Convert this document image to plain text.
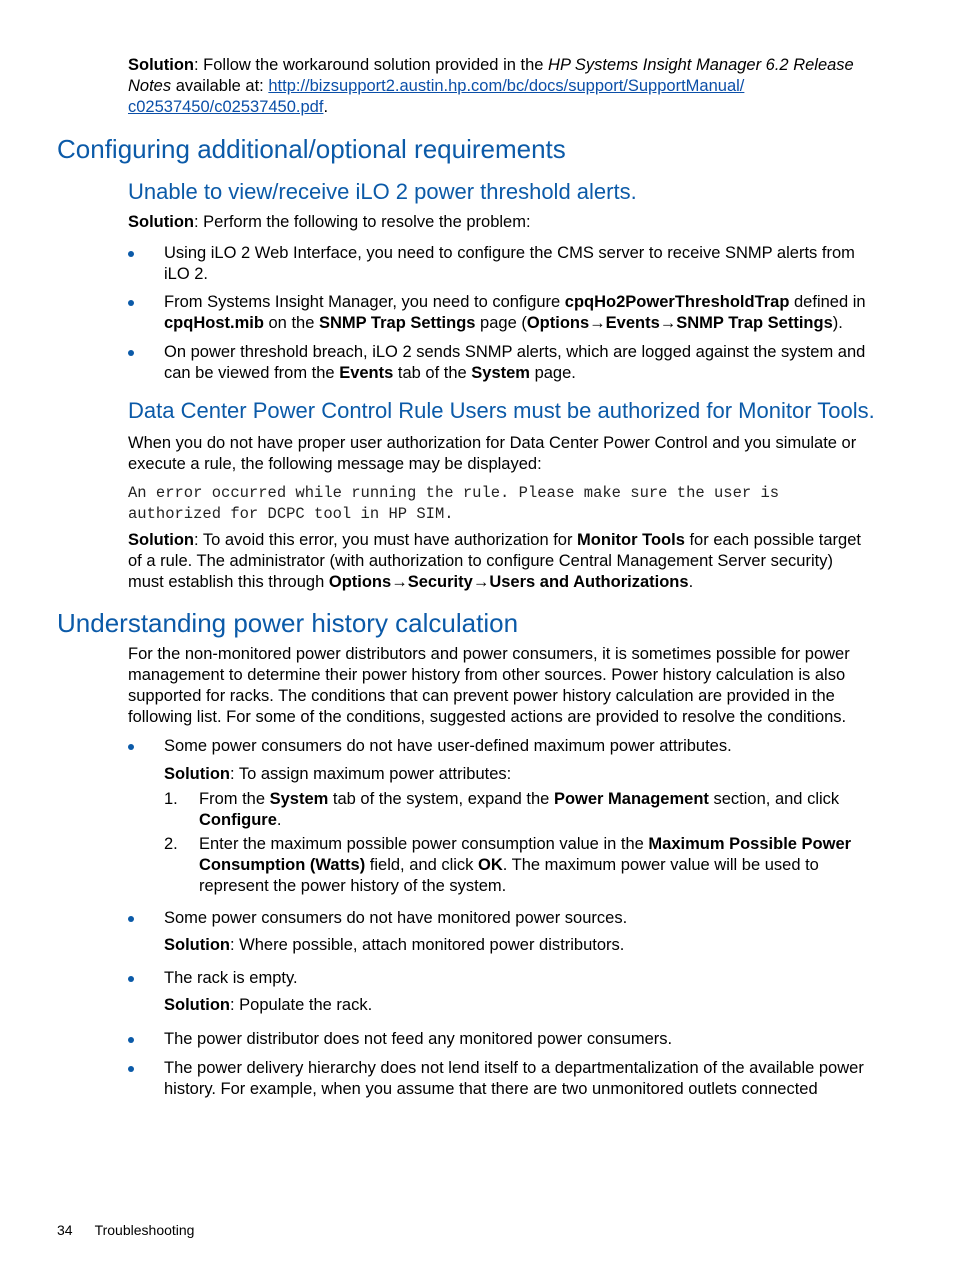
Solution: Follow the workaround solution provided in the HP Systems Insight Manager 6.2 Release Notes available at: http://bizsupport2.austin.hp.com/bc/docs/support/SupportManual/
c02537450/c02537450.pdf.

Configuring additional/optional requirements
Unable to view/receive iLO 2 power threshold alerts.

Solution: Perform the following to resolve the problem:

Using iLO 2 Web Interface, you need to configure the CMS server to receive SNMP alerts from iLO 2.

From Systems Insight Manager, you need to configure cpqHo2PowerThresholdTrap defined in cpqHost.mib on the SNMP Trap Settings page (Options→Events→SNMP Trap Settings).

On power threshold breach, iLO 2 sends SNMP alerts, which are logged against the system and can be viewed from the Events tab of the System page.

Data Center Power Control Rule Users must be authorized for Monitor Tools.

When you do not have proper user authorization for Data Center Power Control and you simulate or execute a rule, the following message may be displayed:

An error occurred while running the rule. Please make sure the user is
authorized for DCPC tool in HP SIM.

Solution: To avoid this error, you must have authorization for Monitor Tools for each possible target of a rule. The administrator (with authorization to configure Central Management Server security) must establish this through Options→Security→Users and Authorizations.

Understanding power history calculation

For the non-monitored power distributors and power consumers, it is sometimes possible for power management to determine their power history from other sources. Power history calculation is also supported for racks. The conditions that can prevent power history calculation are provided in the following list. For some of the conditions, suggested actions are provided to resolve the conditions.

Some power consumers do not have user-defined maximum power attributes.

Solution: To assign maximum power attributes:

1.	From the System tab of the system, expand the Power Management section, and click Configure.

2.	Enter the maximum possible power consumption value in the Maximum Possible Power Consumption (Watts) field, and click OK. The maximum power value will be used to represent the power history of the system.

Some power consumers do not have monitored power sources.

Solution: Where possible, attach monitored power distributors.

The rack is empty.

Solution: Populate the rack.

The power distributor does not feed any monitored power consumers.

The power delivery hierarchy does not lend itself to a departmentalization of the available power history. For example, when you assume that there are two unmonitored outlets connected

34 Troubleshooting
